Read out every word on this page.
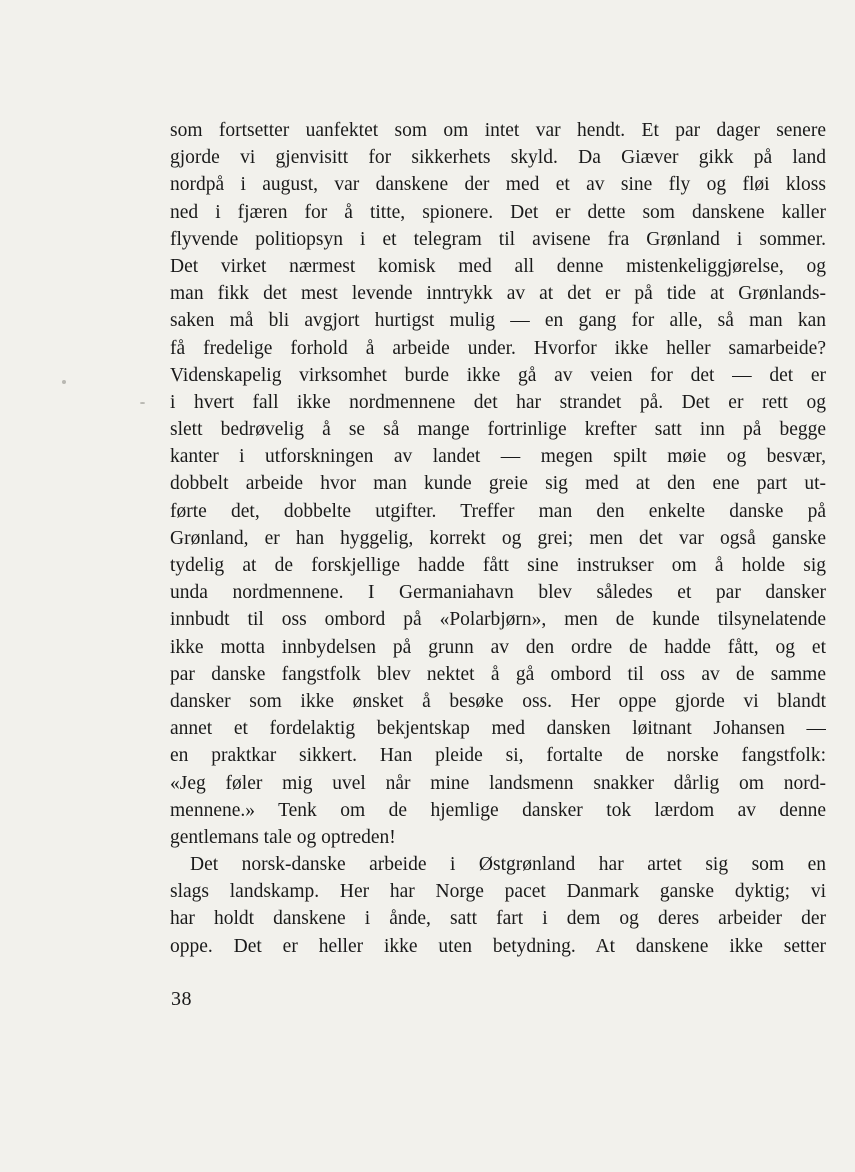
som fortsetter uanfektet som om intet var hendt. Et par dager senere
gjorde vi gjenvisitt for sikkerhets skyld. Da Giæver gikk på land
nordpå i august, var danskene der med et av sine fly og fløi kloss
ned i fjæren for å titte, spionere. Det er dette som danskene kaller
flyvende politiopsyn i et telegram til avisene fra Grønland i sommer.
Det virket nærmest komisk med all denne mistenkeliggjørelse, og
man fikk det mest levende inntrykk av at det er på tide at Grønlands-
saken må bli avgjort hurtigst mulig — en gang for alle, så man kan
få fredelige forhold å arbeide under. Hvorfor ikke heller samarbeide?
Videnskapelig virksomhet burde ikke gå av veien for det — det er
i hvert fall ikke nordmennene det har strandet på. Det er rett og
slett bedrøvelig å se så mange fortrinlige krefter satt inn på begge
kanter i utforskningen av landet — megen spilt møie og besvær,
dobbelt arbeide hvor man kunde greie sig med at den ene part ut-
førte det, dobbelte utgifter. Treffer man den enkelte danske på
Grønland, er han hyggelig, korrekt og grei; men det var også ganske
tydelig at de forskjellige hadde fått sine instrukser om å holde sig
unda nordmennene. I Germaniahavn blev således et par dansker
innbudt til oss ombord på «Polarbjørn», men de kunde tilsynelatende
ikke motta innbydelsen på grunn av den ordre de hadde fått, og et
par danske fangstfolk blev nektet å gå ombord til oss av de samme
dansker som ikke ønsket å besøke oss. Her oppe gjorde vi blandt
annet et fordelaktig bekjentskap med dansken løitnant Johansen —
en praktkar sikkert. Han pleide si, fortalte de norske fangstfolk:
«Jeg føler mig uvel når mine landsmenn snakker dårlig om nord-
mennene.» Tenk om de hjemlige dansker tok lærdom av denne
gentlemans tale og optreden!
Det norsk-danske arbeide i Østgrønland har artet sig som en
slags landskamp. Her har Norge pacet Danmark ganske dyktig; vi
har holdt danskene i ånde, satt fart i dem og deres arbeider der
oppe. Det er heller ikke uten betydning. At danskene ikke setter
38
